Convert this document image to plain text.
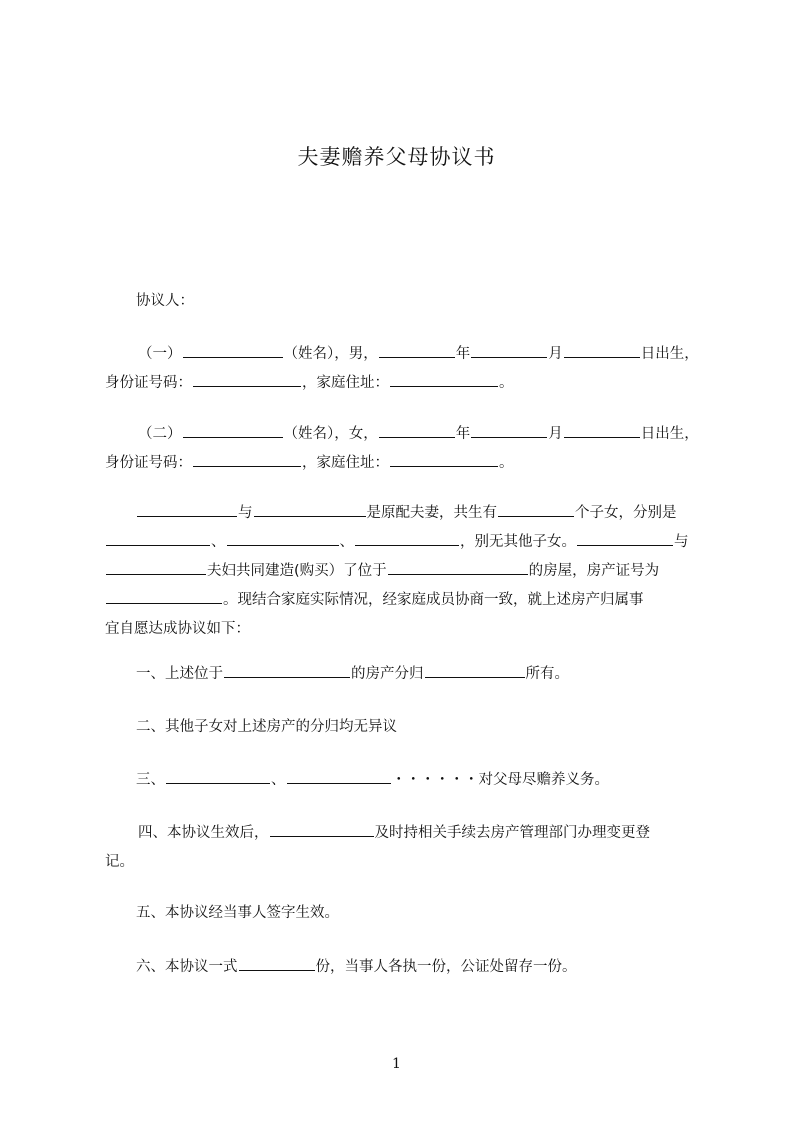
夫妻赡养父母协议书

协议人：

（一）	（姓名），男，	年	月	日出生，
身份证号码：	，家庭住址：	。

（二）	（姓名），女，	年	月	日出生，
身份证号码：	，家庭住址：	。

与	是原配夫妻，共生有	个子女，分别是
、	、	，别无其他子女。	与
夫妇共同建造(购买）了位于	的房屋，房产证号为
。现结合家庭实际情况，经家庭成员协商一致，就上述房产归属事
宜自愿达成协议如下：

一、上述位于	的房产分归	所有。

二、其他子女对上述房产的分归均无异议

三、	、	・・・・・・对父母尽赡养义务。

四、本协议生效后，	及时持相关手续去房产管理部门办理变更登
记。

五、本协议经当事人签字生效。

六、本协议一式	份，当事人各执一份，公证处留存一份。

1
